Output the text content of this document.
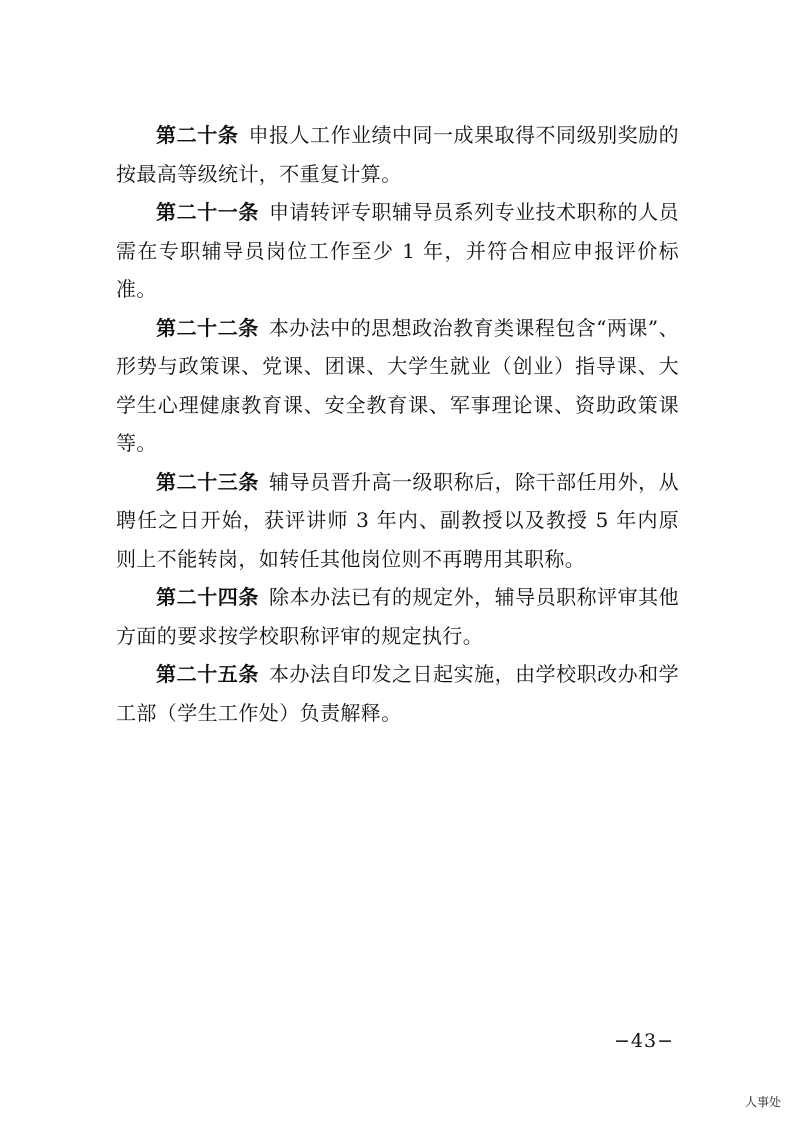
第二十条 申报人工作业绩中同一成果取得不同级别奖励的按最高等级统计，不重复计算。

第二十一条 申请转评专职辅导员系列专业技术职称的人员需在专职辅导员岗位工作至少 1 年，并符合相应申报评价标准。

第二十二条 本办法中的思想政治教育类课程包含“两课”、形势与政策课、党课、团课、大学生就业（创业）指导课、大学生心理健康教育课、安全教育课、军事理论课、资助政策课等。

第二十三条 辅导员晋升高一级职称后，除干部任用外，从聘任之日开始，获评讲师 3 年内、副教授以及教授 5 年内原则上不能转岗，如转任其他岗位则不再聘用其职称。

第二十四条 除本办法已有的规定外，辅导员职称评审其他方面的要求按学校职称评审的规定执行。

第二十五条 本办法自印发之日起实施，由学校职改办和学工部（学生工作处）负责解释。

−43−
人事处
